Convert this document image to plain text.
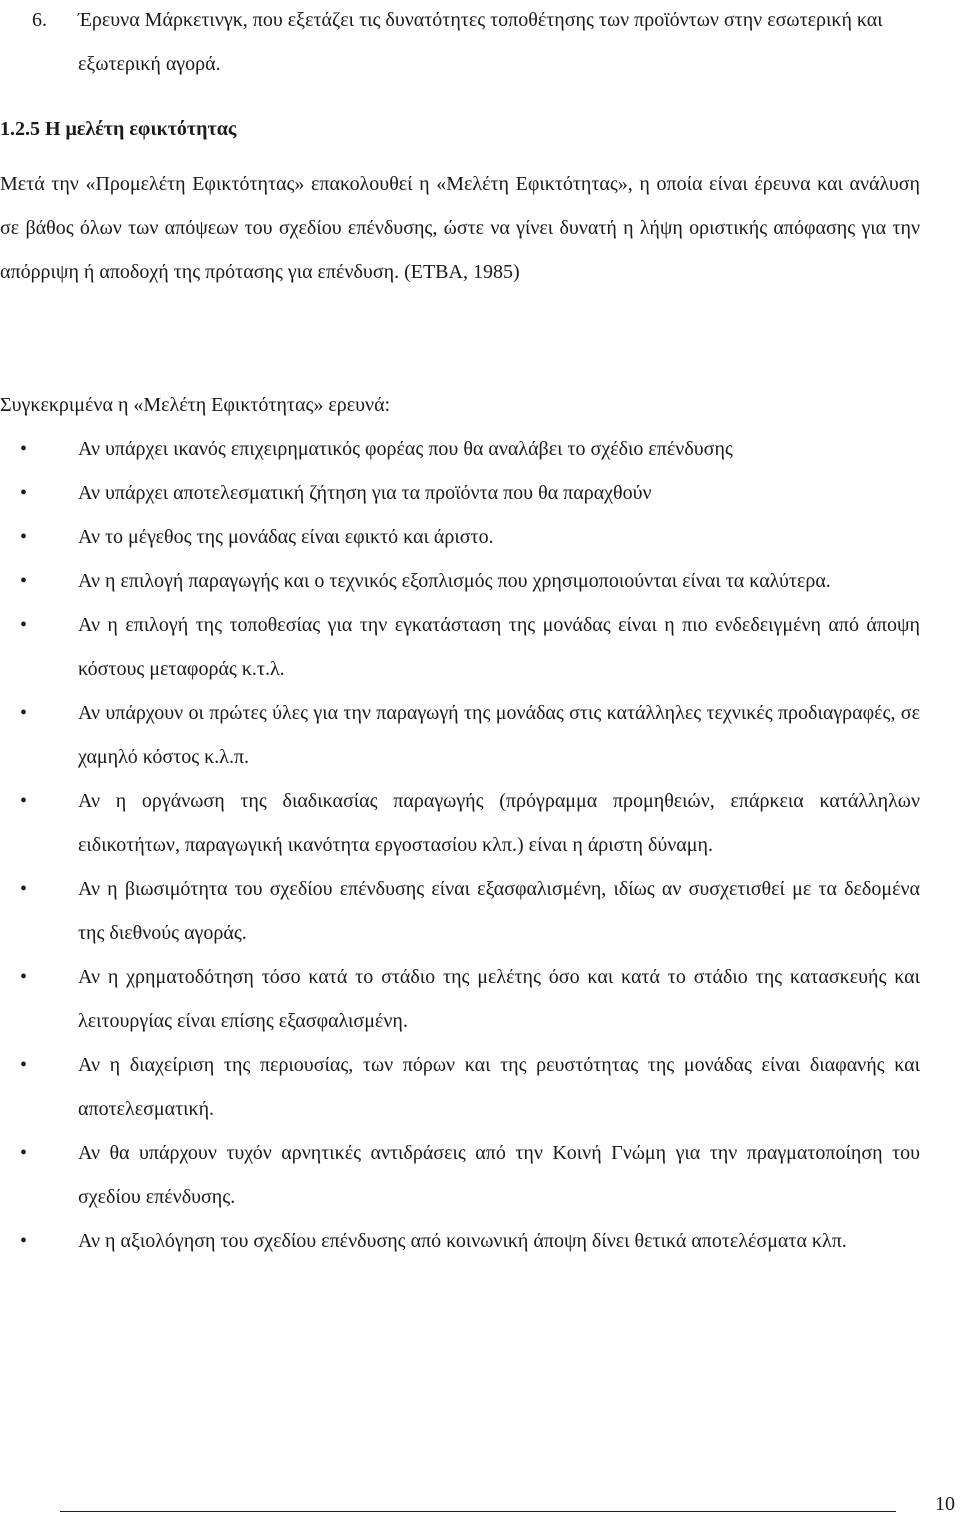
6. Έρευνα Μάρκετινγκ, που εξετάζει τις δυνατότητες τοποθέτησης των προϊόντων στην εσωτερική και εξωτερική αγορά.
1.2.5 Η μελέτη εφικτότητας
Μετά την «Προμελέτη Εφικτότητας» επακολουθεί η «Μελέτη Εφικτότητας», η οποία είναι έρευνα και ανάλυση σε βάθος όλων των απόψεων του σχεδίου επένδυσης, ώστε να γίνει δυνατή η λήψη οριστικής απόφασης για την απόρριψη ή αποδοχή της πρότασης για επένδυση. (ΕΤΒΑ, 1985)
Συγκεκριμένα η «Μελέτη Εφικτότητας» ερευνά:
•	Αν υπάρχει ικανός επιχειρηματικός φορέας που θα αναλάβει το σχέδιο επένδυσης
•	Αν υπάρχει αποτελεσματική ζήτηση για τα προϊόντα που θα παραχθούν
•	Αν το μέγεθος της μονάδας είναι εφικτό και άριστο.
•	Αν η επιλογή παραγωγής και ο τεχνικός εξοπλισμός που χρησιμοποιούνται είναι τα καλύτερα.
•	Αν η επιλογή της τοποθεσίας για την εγκατάσταση της μονάδας είναι η πιο ενδεδειγμένη από άποψη κόστους μεταφοράς κ.τ.λ.
•	Αν υπάρχουν οι πρώτες ύλες για την παραγωγή της μονάδας στις κατάλληλες τεχνικές προδιαγραφές, σε χαμηλό κόστος κ.λ.π.
•	Αν η οργάνωση της διαδικασίας παραγωγής (πρόγραμμα προμηθειών, επάρκεια κατάλληλων ειδικοτήτων, παραγωγική ικανότητα εργοστασίου κλπ.) είναι η άριστη δύναμη.
•	Αν η βιωσιμότητα του σχεδίου επένδυσης είναι εξασφαλισμένη, ιδίως αν συσχετισθεί με τα δεδομένα της διεθνούς αγοράς.
•	Αν η χρηματοδότηση τόσο κατά το στάδιο της μελέτης όσο και κατά το στάδιο της κατασκευής και λειτουργίας είναι επίσης εξασφαλισμένη.
•	Αν η διαχείριση της περιουσίας, των πόρων και της ρευστότητας της μονάδας είναι διαφανής και αποτελεσματική.
•	Αν θα υπάρχουν τυχόν αρνητικές αντιδράσεις από την Κοινή Γνώμη για την πραγματοποίηση του σχεδίου επένδυσης.
•	Αν η αξιολόγηση του σχεδίου επένδυσης από κοινωνική άποψη δίνει θετικά αποτελέσματα κλπ.
10
